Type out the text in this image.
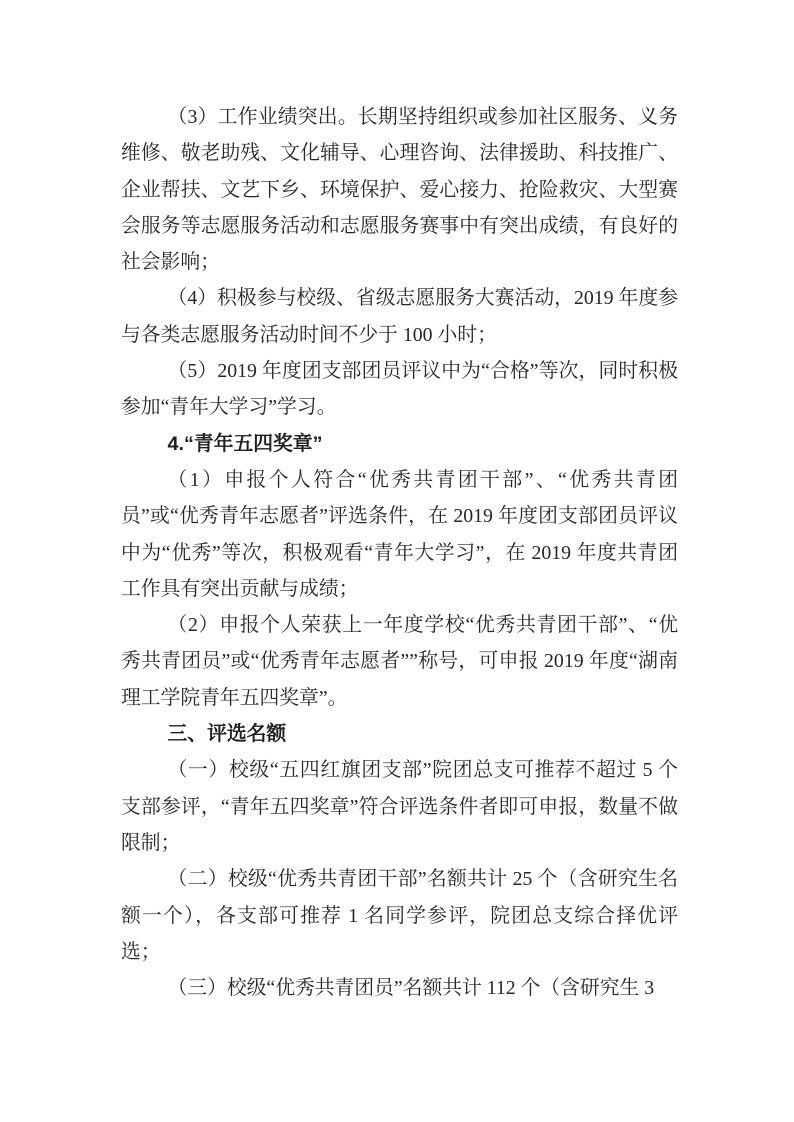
（3）工作业绩突出。长期坚持组织或参加社区服务、义务维修、敬老助残、文化辅导、心理咨询、法律援助、科技推广、企业帮扶、文艺下乡、环境保护、爱心接力、抢险救灾、大型赛会服务等志愿服务活动和志愿服务赛事中有突出成绩，有良好的社会影响；

（4）积极参与校级、省级志愿服务大赛活动，2019 年度参与各类志愿服务活动时间不少于 100 小时；

（5）2019 年度团支部团员评议中为“合格”等次，同时积极参加“青年大学习”学习。

4.“青年五四奖章”

（1）申报个人符合“优秀共青团干部”、“优秀共青团员”或“优秀青年志愿者”评选条件，在 2019 年度团支部团员评议中为“优秀”等次，积极观看“青年大学习”，在 2019 年度共青团工作具有突出贡献与成绩；

（2）申报个人荣获上一年度学校“优秀共青团干部”、“优秀共青团员”或“优秀青年志愿者””称号，可申报 2019 年度“湖南理工学院青年五四奖章”。

三、评选名额

（一）校级“五四红旗团支部”院团总支可推荐不超过 5 个支部参评，“青年五四奖章”符合评选条件者即可申报，数量不做限制；

（二）校级“优秀共青团干部”名额共计 25 个（含研究生名额一个），各支部可推荐 1 名同学参评，院团总支综合择优评选；

（三）校级“优秀共青团员”名额共计 112 个（含研究生 3
